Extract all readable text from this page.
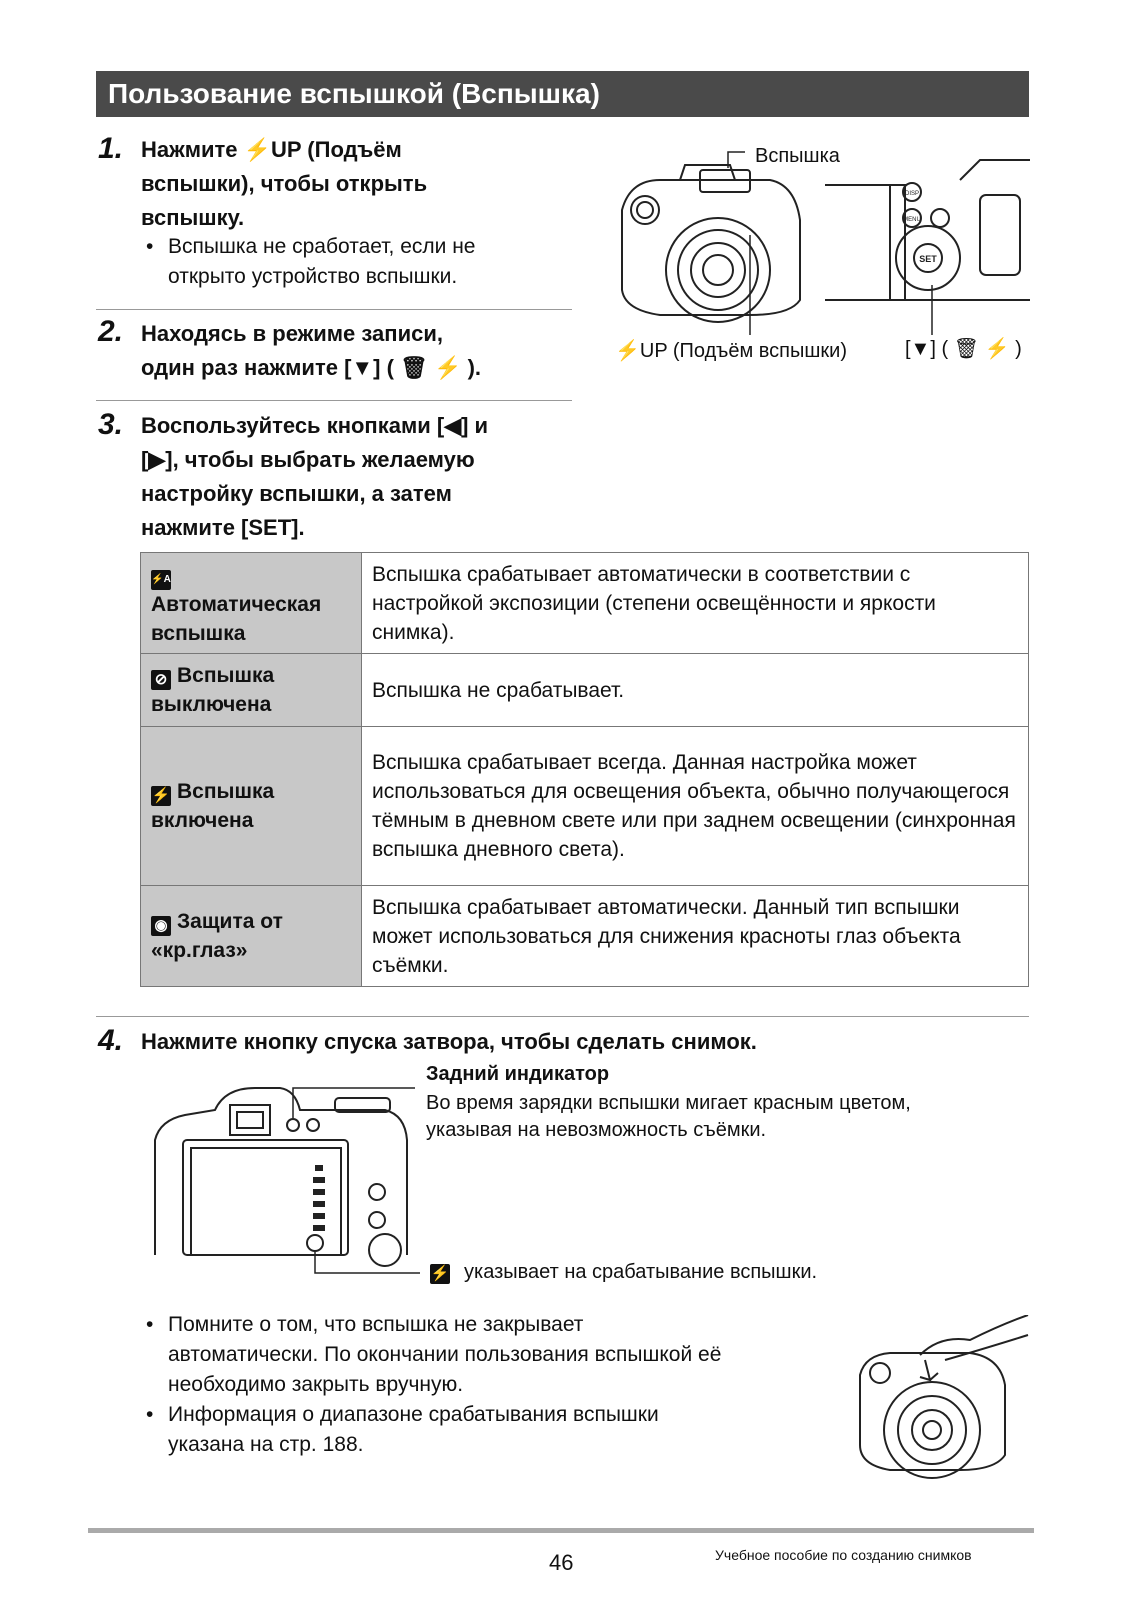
Пользование вспышкой (Вспышка)
1. Нажмите ⚡UP (Подъём
вспышки), чтобы открыть
вспышку.
• Вспышка не сработает, если не
открыто устройство вспышки.
2. Находясь в режиме записи,
один раз нажмите [▼] ( 🗑 ⚡ ).
3. Воспользуйтесь кнопками [◀] и
[▶], чтобы выбрать желаемую
настройку вспышки, а затем
нажмите [SET].
SET
DISP
MENU
Вспышка
⚡UP (Подъём вспышки)	[▼] ( 🗑 ⚡ )
⚡A
Автоматическая
вспышка	Вспышка срабатывает автоматически в соответствии с настройкой экспозиции (степени освещённости и яркости снимка).
⊘ Вспышка
выключена	Вспышка не срабатывает.
⚡ Вспышка
включена	Вспышка срабатывает всегда. Данная настройка может использоваться для освещения объекта, обычно получающегося тёмным в дневном свете или при заднем освещении (синхронная вспышка дневного света).
◉ Защита от
«кр.глаз»	Вспышка срабатывает автоматически. Данный тип вспышки может использоваться для снижения красноты глаз объекта съёмки.
4. Нажмите кнопку спуска затвора, чтобы сделать снимок.
Задний индикатор
Во время зарядки вспышки мигает красным цветом,
указывая на невозможность съёмки.
⚡ указывает на срабатывание вспышки.
• Помните о том, что вспышка не закрывает
автоматически. По окончании пользования вспышкой её
необходимо закрыть вручную.
• Информация о диапазоне срабатывания вспышки
указана на стр. 188.
46	Учебное пособие по созданию снимков
